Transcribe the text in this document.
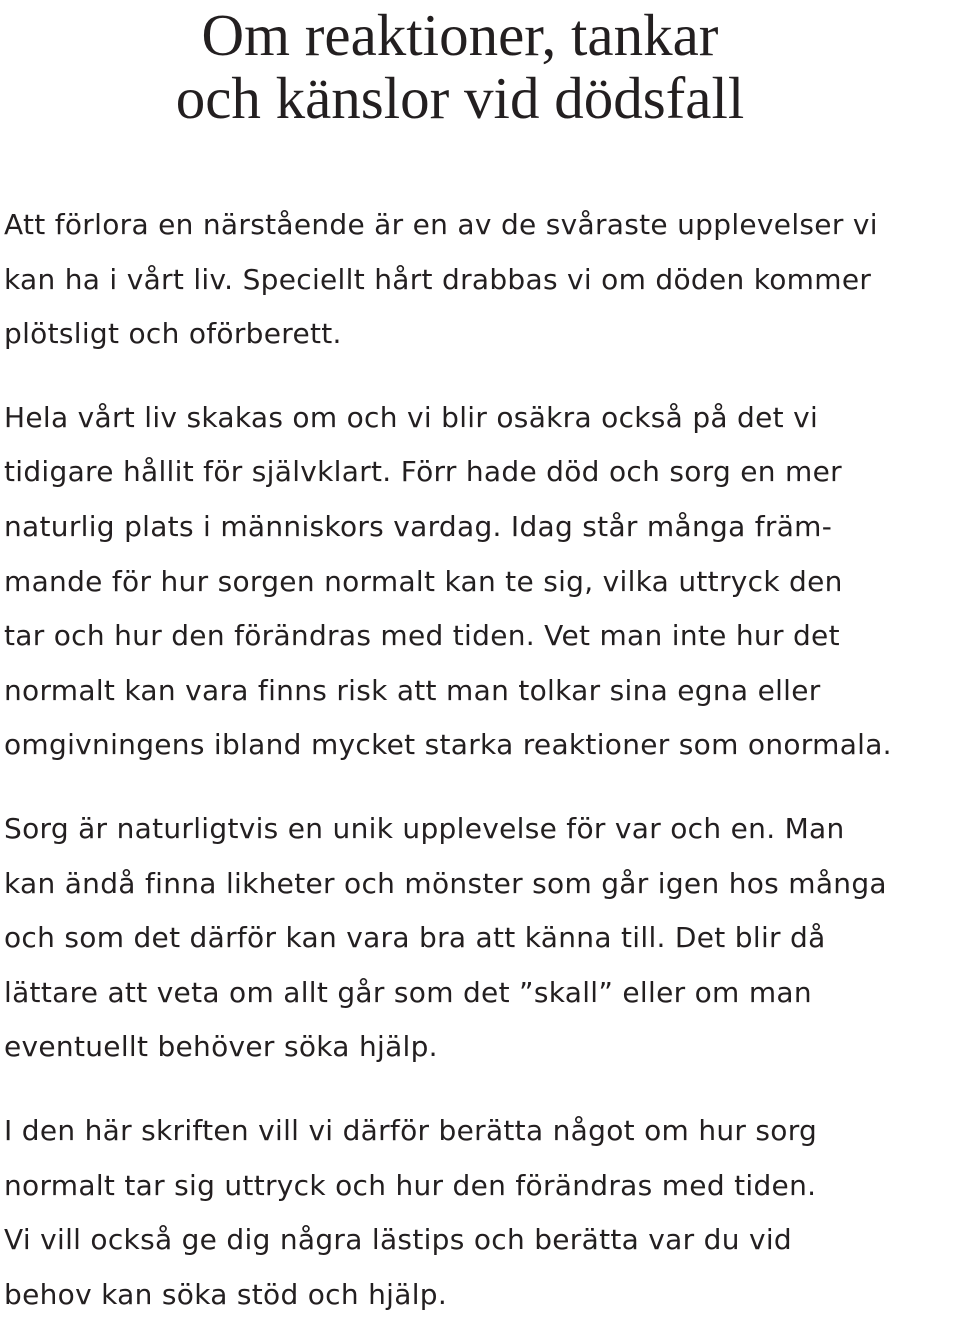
Om reaktioner, tankar
och känslor vid dödsfall

Att förlora en närstående är en av de svåraste upplevelser vi
kan ha i vårt liv. Speciellt hårt drabbas vi om döden kommer
plötsligt och oförberett.

Hela vårt liv skakas om och vi blir osäkra också på det vi
tidigare hållit för självklart. Förr hade död och sorg en mer
naturlig plats i människors vardag. Idag står många främ-
mande för hur sorgen normalt kan te sig, vilka uttryck den
tar och hur den förändras med tiden. Vet man inte hur det
normalt kan vara finns risk att man tolkar sina egna eller
omgivningens ibland mycket starka reaktioner som onormala.

Sorg är naturligtvis en unik upplevelse för var och en. Man
kan ändå finna likheter och mönster som går igen hos många
och som det därför kan vara bra att känna till. Det blir då
lättare att veta om allt går som det ”skall” eller om man
eventuellt behöver söka hjälp.

I den här skriften vill vi därför berätta något om hur sorg
normalt tar sig uttryck och hur den förändras med tiden.
Vi vill också ge dig några lästips och berätta var du vid
behov kan söka stöd och hjälp.
